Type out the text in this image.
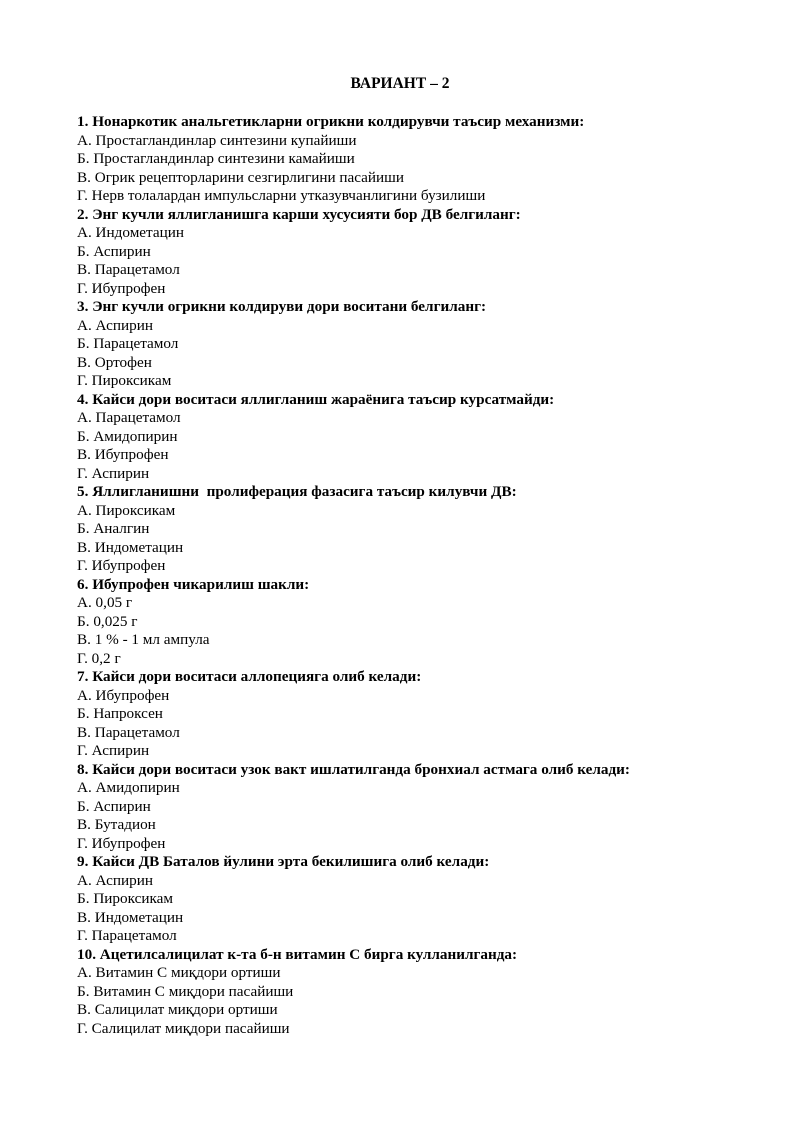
ВАРИАНТ – 2
1. Нонаркотик анальгетикларни огрикни колдирувчи таъсир механизми:
А. Простагландинлар синтезини купайиши
Б. Простагландинлар синтезини камайиши
В. Огрик рецепторларини сезгирлигини пасайиши
Г. Нерв толалардан импульсларни утказувчанлигини бузилиши
2. Энг кучли яллигланишга карши хусусияти бор ДВ белгиланг:
А. Индометацин
Б. Аспирин
В. Парацетамол
Г. Ибупрофен
3. Энг кучли огрикни колдируви дори воситани белгиланг:
А. Аспирин
Б. Парацетамол
В. Ортофен
Г. Пироксикам
4. Кайси дори воситаси яллигланиш жараёнига таъсир курсатмайди:
А. Парацетамол
Б. Амидопирин
В. Ибупрофен
Г. Аспирин
5. Яллигланишни  пролиферация фазасига таъсир килувчи ДВ:
А. Пироксикам
Б. Аналгин
В. Индометацин
Г. Ибупрофен
6. Ибупрофен чикарилиш шакли:
А. 0,05 г
Б. 0,025 г
В. 1 % - 1 мл ампула
Г. 0,2 г
7. Кайси дори воситаси аллопецияга олиб келади:
А. Ибупрофен
Б. Напроксен
В. Парацетамол
Г. Аспирин
8. Кайси дори воситаси узок вакт ишлатилганда бронхиал астмага олиб келади:
А. Амидопирин
Б. Аспирин
В. Бутадион
Г. Ибупрофен
9. Кайси ДВ Баталов йулини эрта бекилишига олиб келади:
А. Аспирин
Б. Пироксикам
В. Индометацин
Г. Парацетамол
10. Ацетилсалицилат к-та б-н витамин С бирга кулланилганда:
А. Витамин С миқдори ортиши
Б. Витамин С миқдори пасайиши
В. Салицилат миқдори ортиши
Г. Салицилат миқдори пасайиши
